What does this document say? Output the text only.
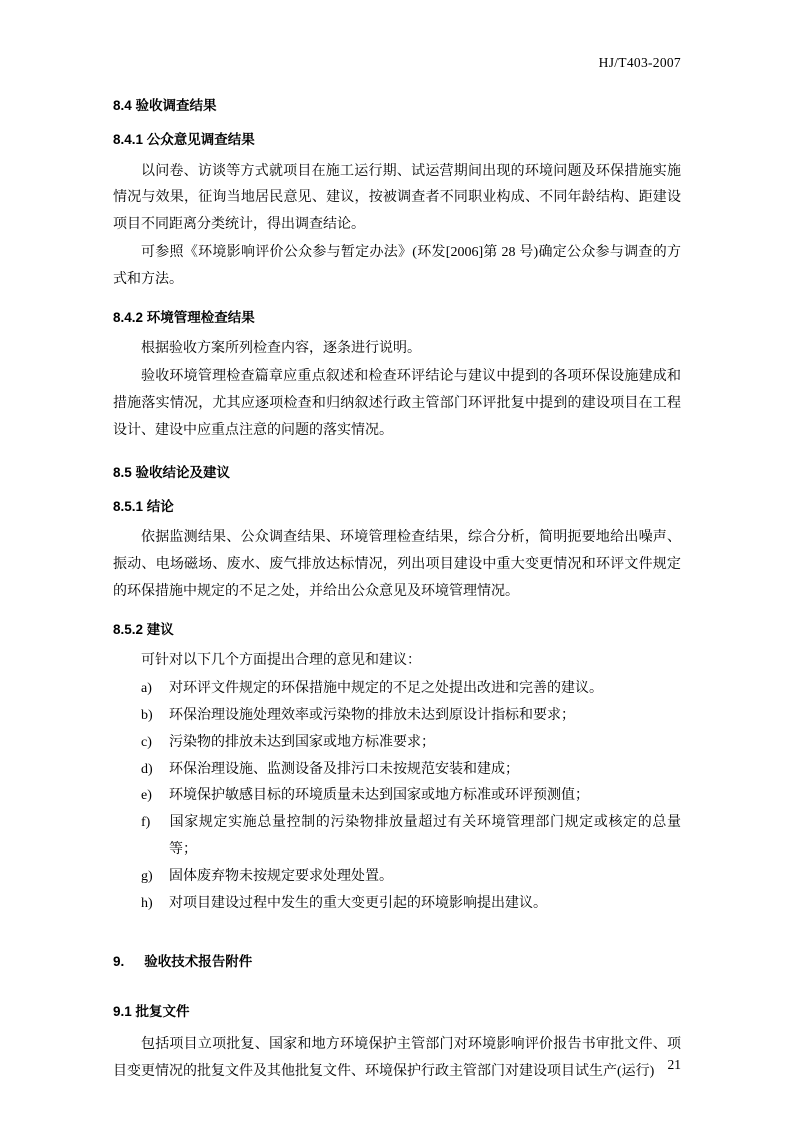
HJ/T403-2007
8.4 验收调查结果
8.4.1 公众意见调查结果

以问卷、访谈等方式就项目在施工运行期、试运营期间出现的环境问题及环保措施实施情况与效果，征询当地居民意见、建议，按被调查者不同职业构成、不同年龄结构、距建设项目不同距离分类统计，得出调查结论。

可参照《环境影响评价公众参与暂定办法》(环发[2006]第 28 号)确定公众参与调查的方式和方法。

8.4.2 环境管理检查结果

根据验收方案所列检查内容，逐条进行说明。

验收环境管理检查篇章应重点叙述和检查环评结论与建议中提到的各项环保设施建成和措施落实情况，尤其应逐项检查和归纳叙述行政主管部门环评批复中提到的建设项目在工程设计、建设中应重点注意的问题的落实情况。

8.5 验收结论及建议
8.5.1 结论

依据监测结果、公众调查结果、环境管理检查结果，综合分析，简明扼要地给出噪声、振动、电场磁场、废水、废气排放达标情况，列出项目建设中重大变更情况和环评文件规定的环保措施中规定的不足之处，并给出公众意见及环境管理情况。

8.5.2 建议

可针对以下几个方面提出合理的意见和建议：

a) 对环评文件规定的环保措施中规定的不足之处提出改进和完善的建议。
b) 环保治理设施处理效率或污染物的排放未达到原设计指标和要求；
c) 污染物的排放未达到国家或地方标准要求；
d) 环保治理设施、监测设备及排污口未按规范安装和建成；
e) 环境保护敏感目标的环境质量未达到国家或地方标准或环评预测值；
f) 国家规定实施总量控制的污染物排放量超过有关环境管理部门规定或核定的总量等；
g) 固体废弃物未按规定要求处理处置。
h) 对项目建设过程中发生的重大变更引起的环境影响提出建议。
9. 验收技术报告附件
9.1 批复文件

包括项目立项批复、国家和地方环境保护主管部门对环境影响评价报告书审批文件、项目变更情况的批复文件及其他批复文件、环境保护行政主管部门对建设项目试生产(运行) 21
